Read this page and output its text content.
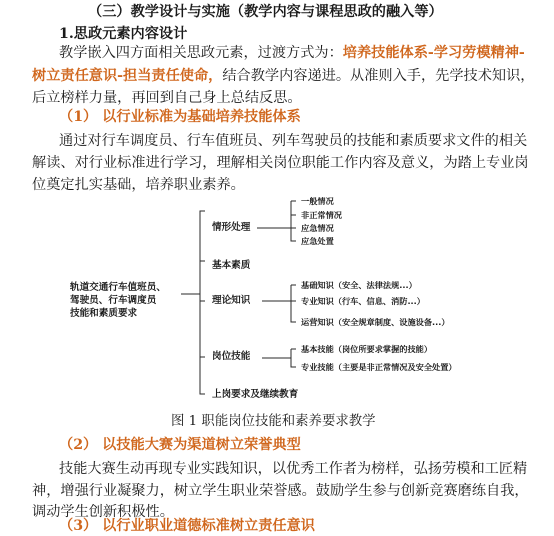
（三）教学设计与实施（教学内容与课程思政的融入等）
1.思政元素内容设计
教学嵌入四方面相关思政元素，过渡方式为：培养技能体系-学习劳模精神-
树立责任意识-担当责任使命，结合教学内容递进。从准则入手，先学技术知识，
后立榜样力量，再回到自己身上总结反思。
（1） 以行业标准为基础培养技能体系
通过对行车调度员、行车值班员、列车驾驶员的技能和素质要求文件的相关
解读、对行业标准进行学习，理解相关岗位职能工作内容及意义，为踏上专业岗
位奠定扎实基础，培养职业素养。
轨道交通行车值班员、
驾驶员、行车调度员
技能和素质要求
情形处理
基本素质
理论知识
岗位技能
上岗要求及继续教育
一般情况
非正常情况
应急情况
应急处置
基础知识（安全、法律法规...）
专业知识（行车、信息、消防...）
运营知识（安全规章制度、设施设备...）
基本技能（岗位所要求掌握的技能）
专业技能（主要是非正常情况及安全处置）
图 1 职能岗位技能和素养要求教学
（2） 以技能大赛为渠道树立荣誉典型
技能大赛生动再现专业实践知识，以优秀工作者为榜样，弘扬劳模和工匠精
神，增强行业凝聚力，树立学生职业荣誉感。鼓励学生参与创新竞赛磨练自我，
调动学生创新积极性。
（3） 以行业职业道德标准树立责任意识
